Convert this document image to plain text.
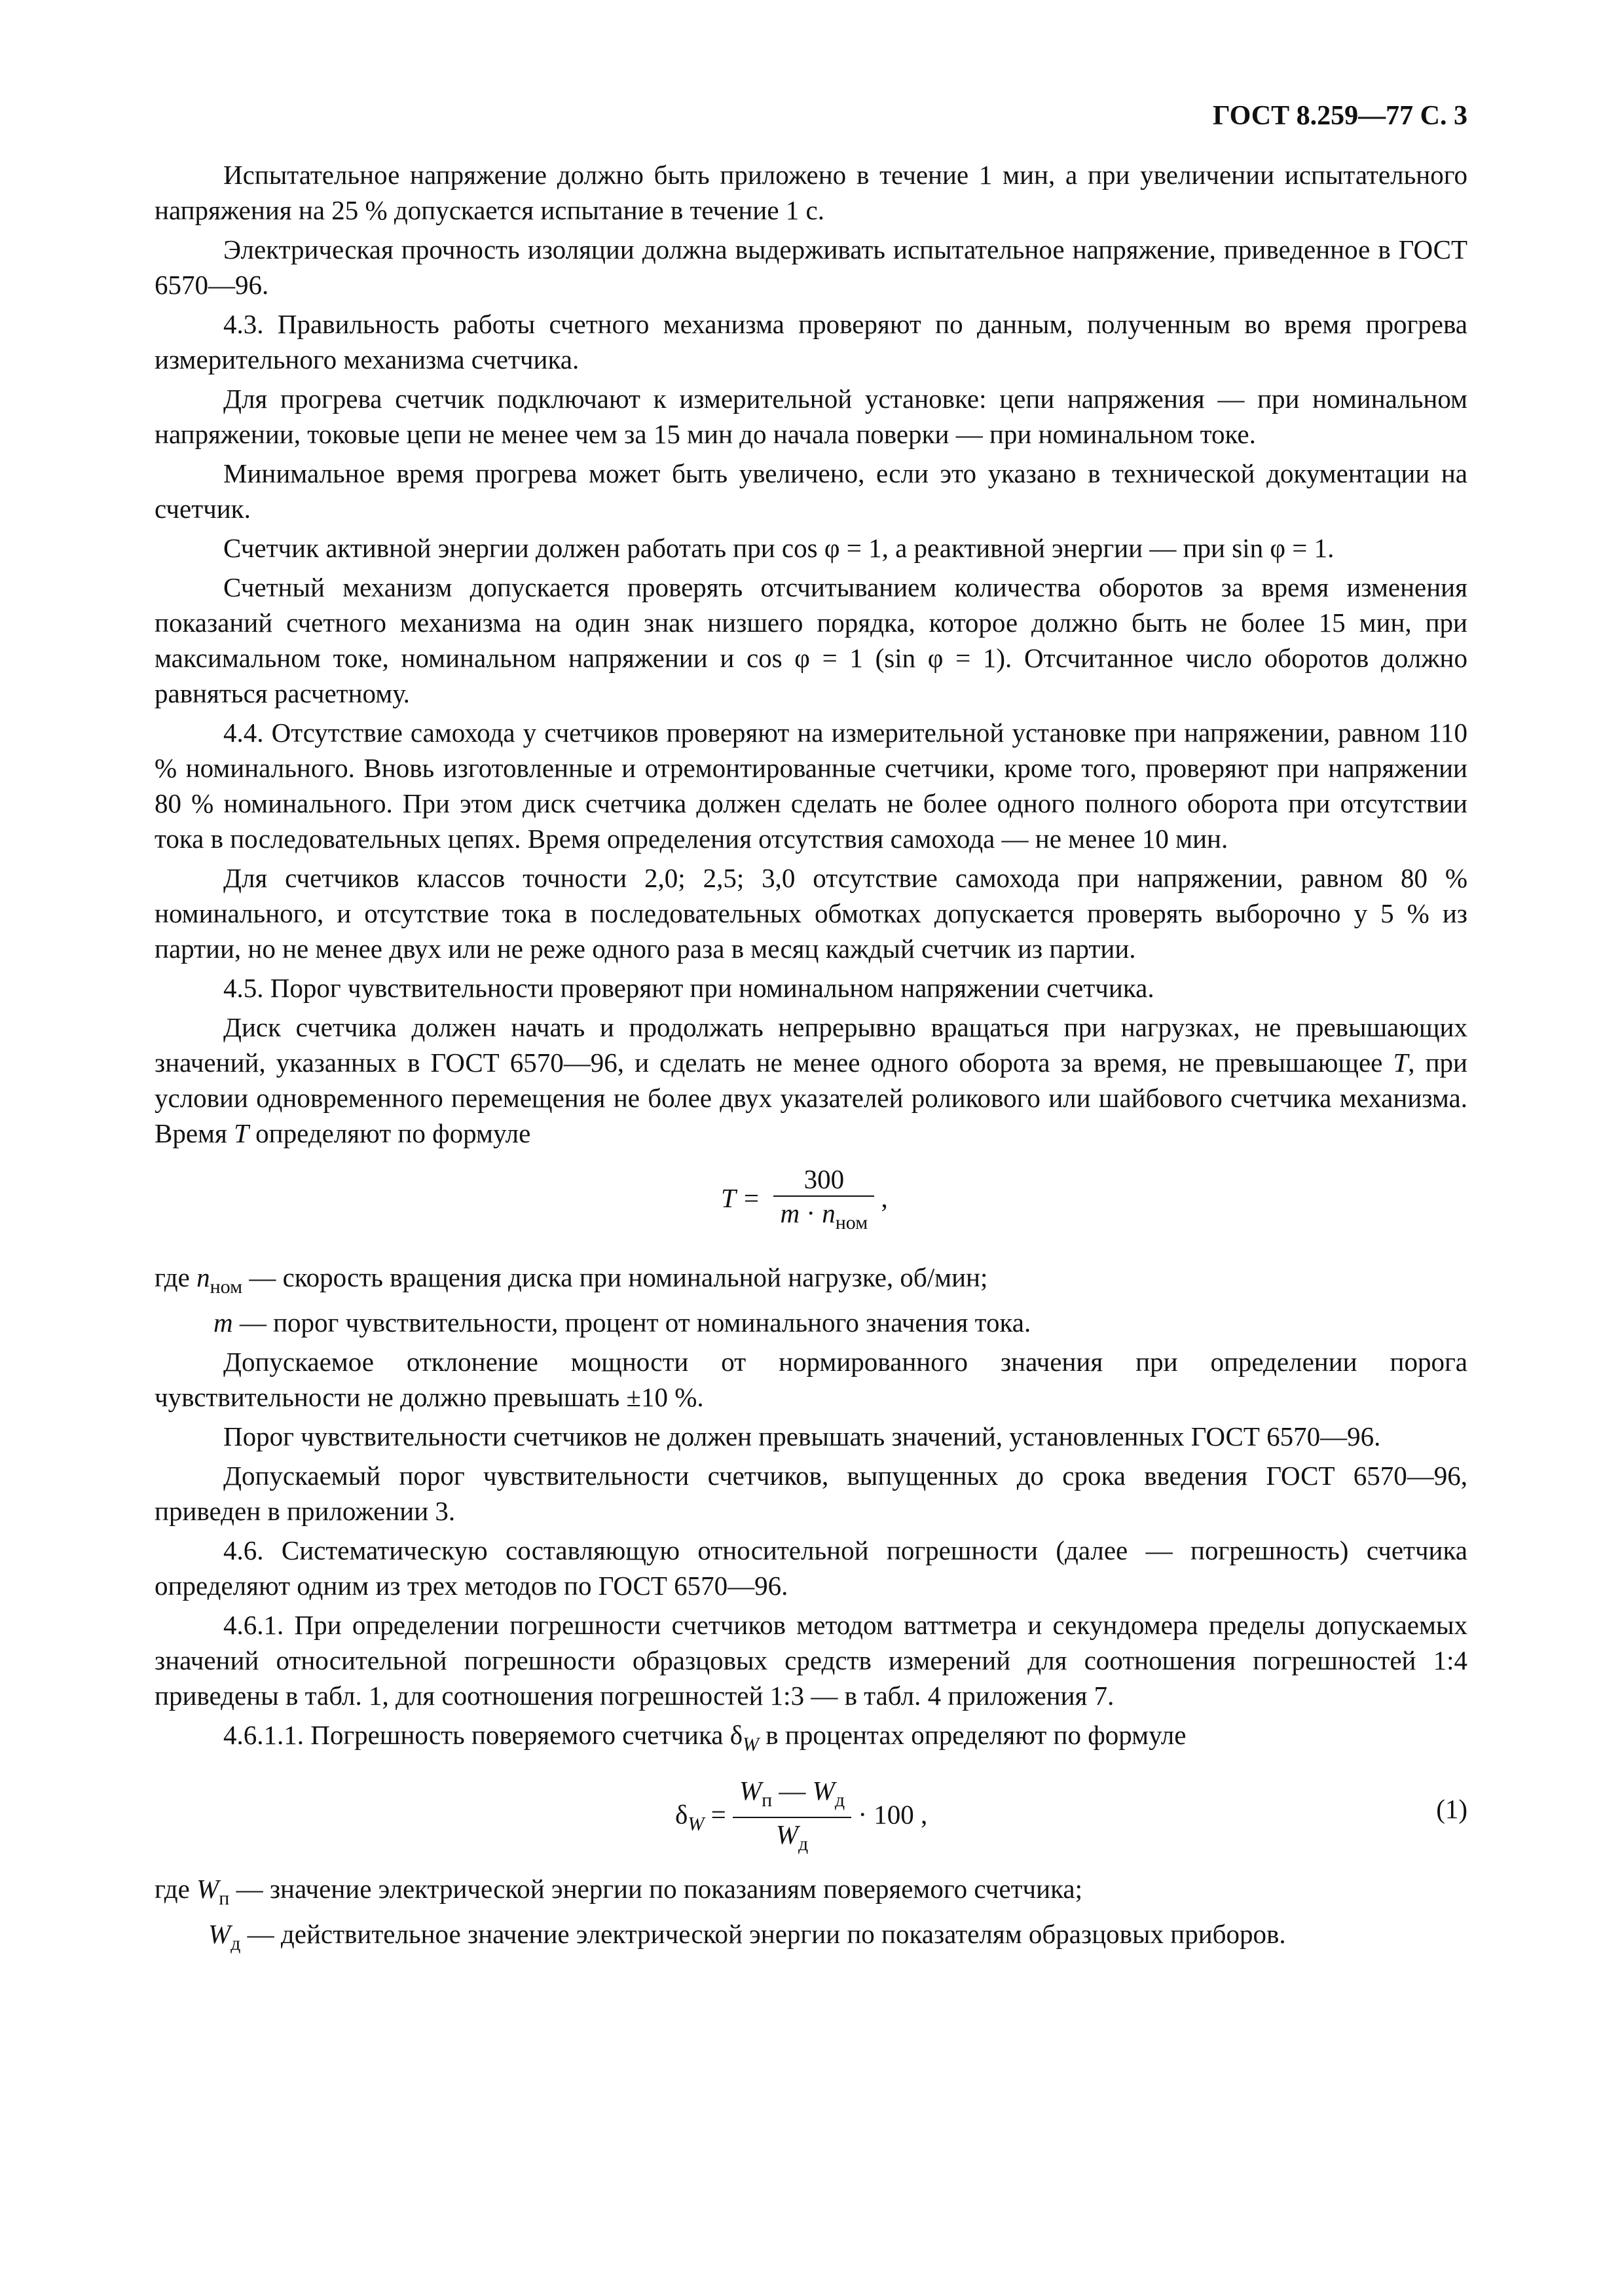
ГОСТ 8.259—77 С. 3

Испытательное напряжение должно быть приложено в течение 1 мин, а при увеличении испытательного напряжения на 25 % допускается испытание в течение 1 с.

Электрическая прочность изоляции должна выдерживать испытательное напряжение, приведенное в ГОСТ 6570—96.

4.3. Правильность работы счетного механизма проверяют по данным, полученным во время прогрева измерительного механизма счетчика.

Для прогрева счетчик подключают к измерительной установке: цепи напряжения — при номинальном напряжении, токовые цепи не менее чем за 15 мин до начала поверки — при номинальном токе.

Минимальное время прогрева может быть увеличено, если это указано в технической документации на счетчик.

Счетчик активной энергии должен работать при cos φ = 1, а реактивной энергии — при sin φ = 1.

Счетный механизм допускается проверять отсчитыванием количества оборотов за время изменения показаний счетного механизма на один знак низшего порядка, которое должно быть не более 15 мин, при максимальном токе, номинальном напряжении и cos φ = 1 (sin φ = 1). Отсчитанное число оборотов должно равняться расчетному.

4.4. Отсутствие самохода у счетчиков проверяют на измерительной установке при напряжении, равном 110 % номинального. Вновь изготовленные и отремонтированные счетчики, кроме того, проверяют при напряжении 80 % номинального. При этом диск счетчика должен сделать не более одного полного оборота при отсутствии тока в последовательных цепях. Время определения отсутствия самохода — не менее 10 мин.

Для счетчиков классов точности 2,0; 2,5; 3,0 отсутствие самохода при напряжении, равном 80 % номинального, и отсутствие тока в последовательных обмотках допускается проверять выборочно у 5 % из партии, но не менее двух или не реже одного раза в месяц каждый счетчик из партии.

4.5. Порог чувствительности проверяют при номинальном напряжении счетчика.

Диск счетчика должен начать и продолжать непрерывно вращаться при нагрузках, не превышающих значений, указанных в ГОСТ 6570—96, и сделать не менее одного оборота за время, не превышающее T, при условии одновременного перемещения не более двух указателей роликового или шайбового счетчика механизма. Время T определяют по формуле

$T = \frac{300}{m \cdot n_{ном}}$ ,

где $n_{ном}$ — скорость вращения диска при номинальной нагрузке, об/мин;

m — порог чувствительности, процент от номинального значения тока.

Допускаемое отклонение мощности от нормированного значения при определении порога чувствительности не должно превышать ±10 %.

Порог чувствительности счетчиков не должен превышать значений, установленных ГОСТ 6570—96.

Допускаемый порог чувствительности счетчиков, выпущенных до срока введения ГОСТ 6570—96, приведен в приложении 3.

4.6. Систематическую составляющую относительной погрешности (далее — погрешность) счетчика определяют одним из трех методов по ГОСТ 6570—96.

4.6.1. При определении погрешности счетчиков методом ваттметра и секундомера пределы допускаемых значений относительной погрешности образцовых средств измерений для соотношения погрешностей 1:4 приведены в табл. 1, для соотношения погрешностей 1:3 — в табл. 4 приложения 7.

4.6.1.1. Погрешность поверяемого счетчика $\delta_W$ в процентах определяют по формуле

$\delta_W = \frac{W_п — W_д}{W_д} \cdot 100$ ,	(1)

где $W_п$ — значение электрической энергии по показаниям поверяемого счетчика;

$W_д$ — действительное значение электрической энергии по показателям образцовых приборов.
